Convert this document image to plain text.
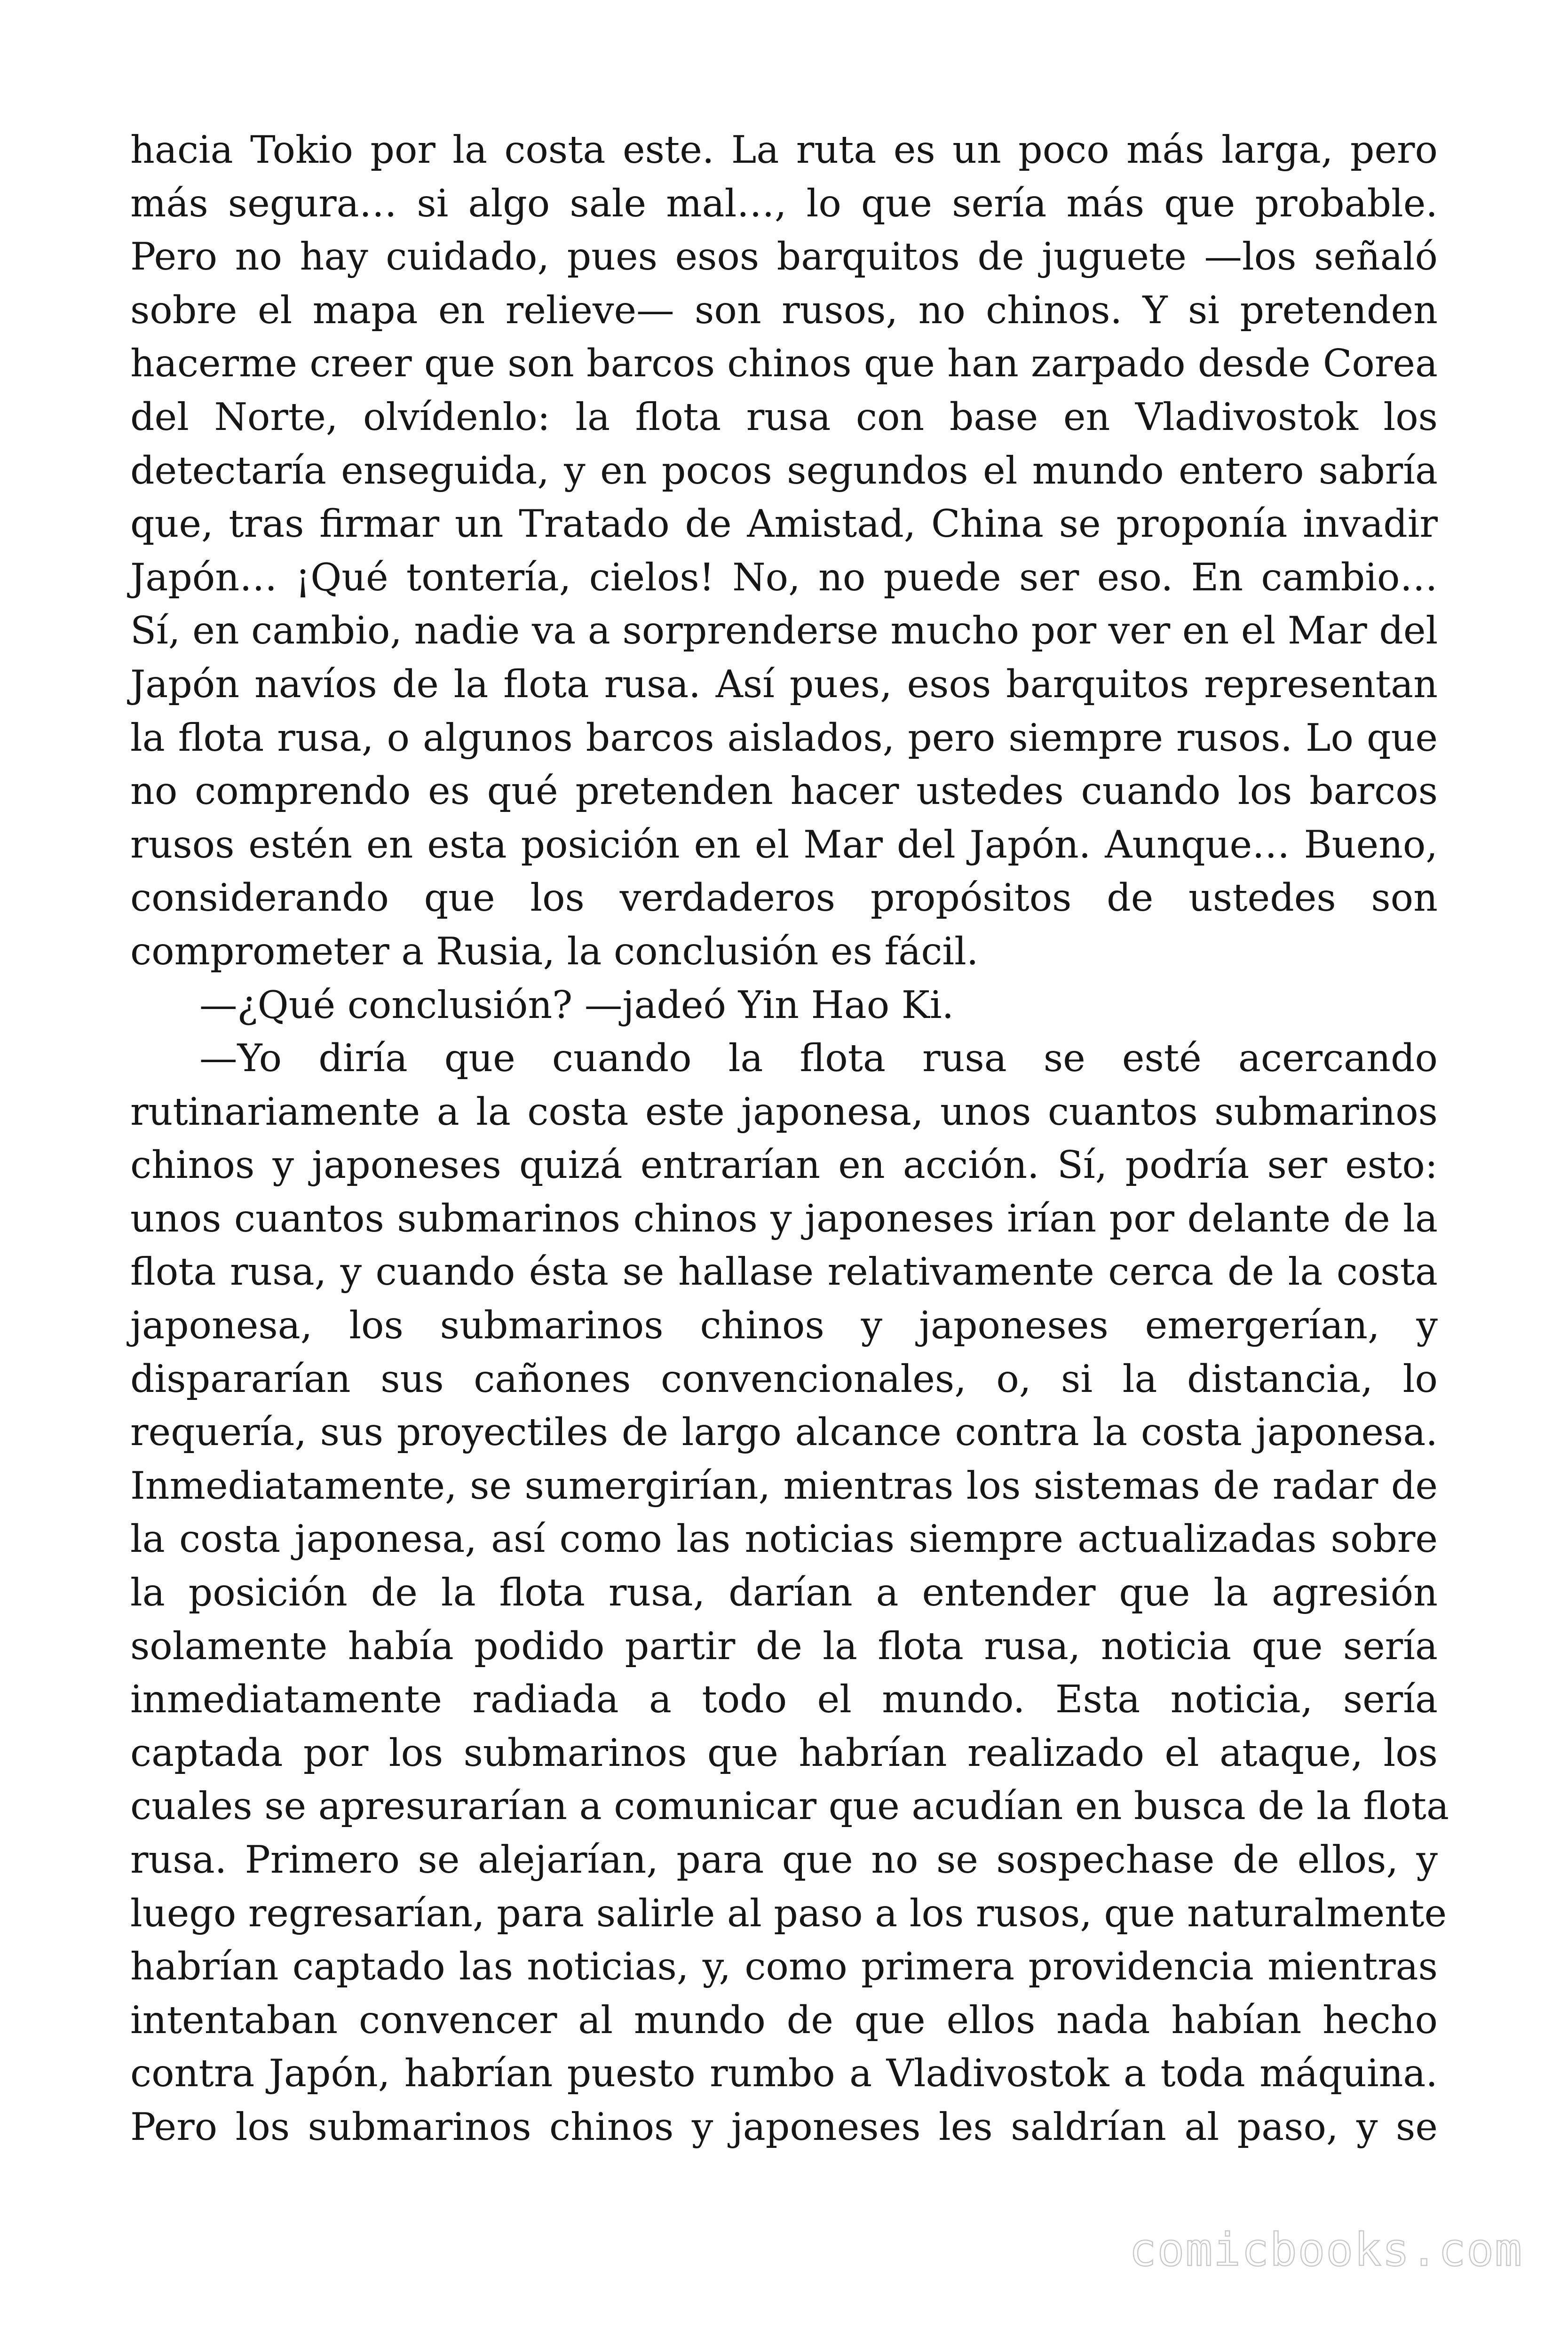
hacia Tokio por la costa este. La ruta es un poco más larga, pero
más segura… si algo sale mal…, lo que sería más que probable.
Pero no hay cuidado, pues esos barquitos de juguete —los señaló
sobre el mapa en relieve— son rusos, no chinos. Y si pretenden
hacerme creer que son barcos chinos que han zarpado desde Corea
del Norte, olvídenlo: la flota rusa con base en Vladivostok los
detectaría enseguida, y en pocos segundos el mundo entero sabría
que, tras firmar un Tratado de Amistad, China se proponía invadir
Japón… ¡Qué tontería, cielos! No, no puede ser eso. En cambio…
Sí, en cambio, nadie va a sorprenderse mucho por ver en el Mar del
Japón navíos de la flota rusa. Así pues, esos barquitos representan
la flota rusa, o algunos barcos aislados, pero siempre rusos. Lo que
no comprendo es qué pretenden hacer ustedes cuando los barcos
rusos estén en esta posición en el Mar del Japón. Aunque… Bueno,
considerando que los verdaderos propósitos de ustedes son
comprometer a Rusia, la conclusión es fácil.
—¿Qué conclusión? —jadeó Yin Hao Ki.
—Yo diría que cuando la flota rusa se esté acercando
rutinariamente a la costa este japonesa, unos cuantos submarinos
chinos y japoneses quizá entrarían en acción. Sí, podría ser esto:
unos cuantos submarinos chinos y japoneses irían por delante de la
flota rusa, y cuando ésta se hallase relativamente cerca de la costa
japonesa, los submarinos chinos y japoneses emergerían, y
dispararían sus cañones convencionales, o, si la distancia, lo
requería, sus proyectiles de largo alcance contra la costa japonesa.
Inmediatamente, se sumergirían, mientras los sistemas de radar de
la costa japonesa, así como las noticias siempre actualizadas sobre
la posición de la flota rusa, darían a entender que la agresión
solamente había podido partir de la flota rusa, noticia que sería
inmediatamente radiada a todo el mundo. Esta noticia, sería
captada por los submarinos que habrían realizado el ataque, los
cuales se apresurarían a comunicar que acudían en busca de la flota
rusa. Primero se alejarían, para que no se sospechase de ellos, y
luego regresarían, para salirle al paso a los rusos, que naturalmente
habrían captado las noticias, y, como primera providencia mientras
intentaban convencer al mundo de que ellos nada habían hecho
contra Japón, habrían puesto rumbo a Vladivostok a toda máquina.
Pero los submarinos chinos y japoneses les saldrían al paso, y se
comicbooks.com
